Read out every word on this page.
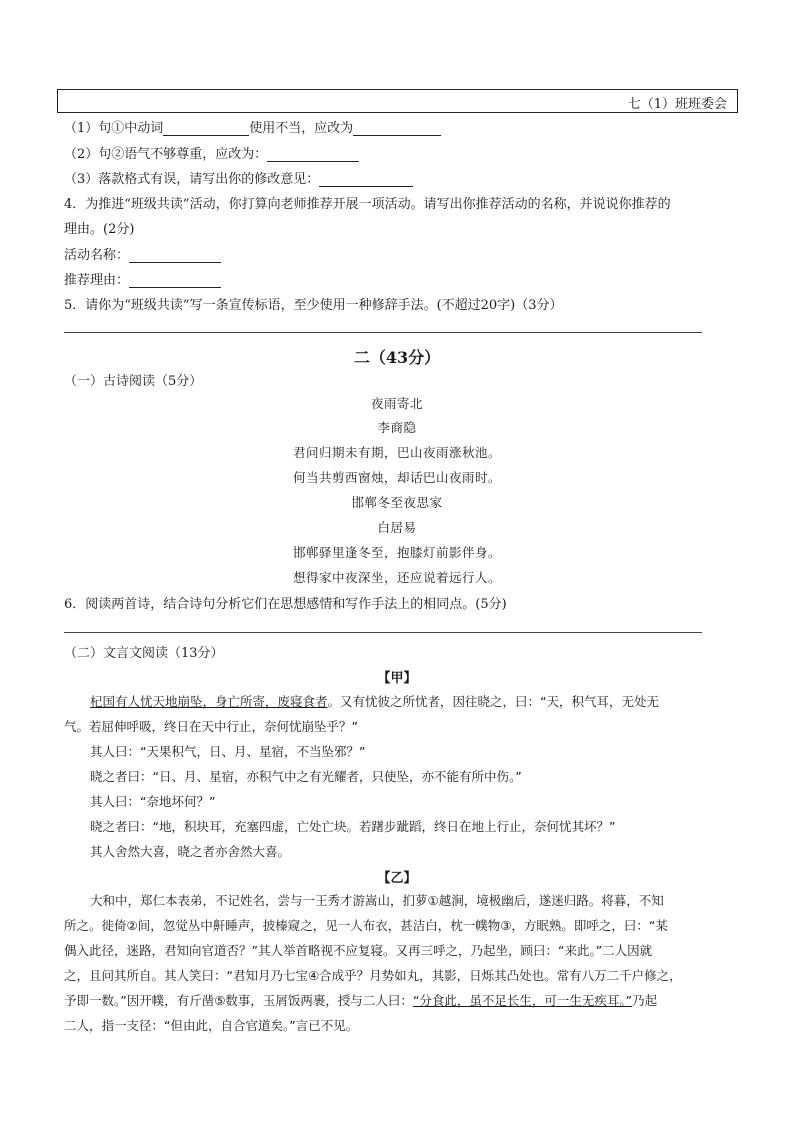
七（1）班班委会
（1）句①中动词	使用不当，应改为
（2）句②语气不够尊重，应改为：
（3）落款格式有误，请写出你的修改意见：
4．为推进“班级共读”活动，你打算向老师推荐开展一项活动。请写出你推荐活动的名称，并说说你推荐的
理由。(2分)
活动名称：
推荐理由：
5．请你为“班级共读”写一条宣传标语，至少使用一种修辞手法。(不超过20字)（3分）
二（43分）
（一）古诗阅读（5分）
夜雨寄北
李商隐
君问归期未有期，巴山夜雨涨秋池。
何当共剪西窗烛，却话巴山夜雨时。
邯郸冬至夜思家
白居易
邯郸驿里逢冬至，抱膝灯前影伴身。
想得家中夜深坐，还应说着远行人。
6．阅读两首诗，结合诗句分析它们在思想感情和写作手法上的相同点。(5分)
（二）文言文阅读（13分）
【甲】
杞国有人忧天地崩坠，身亡所寄，废寝食者。又有忧彼之所忧者，因往晓之，曰：“天，积气耳，无处无
气。若屈伸呼吸，终日在天中行止，奈何忧崩坠乎？”
其人曰：“天果积气，日、月、星宿，不当坠邪？”
晓之者曰：“日、月、星宿，亦积气中之有光耀者，只使坠，亦不能有所中伤。”
其人曰：“奈地坏何？”
晓之者曰：“地，积块耳，充塞四虚，亡处亡块。若躇步跐蹈，终日在地上行止，奈何忧其坏？”
其人舍然大喜，晓之者亦舍然大喜。
【乙】
大和中，郑仁本表弟，不记姓名，尝与一王秀才游嵩山，扪萝①越涧，境极幽后，遂迷归路。将暮，不知
所之。徙倚②间，忽觉丛中鼾睡声，披榛窥之，见一人布衣，甚洁白，枕一幞物③，方眠熟。即呼之，曰：“某
偶入此径，迷路，君知向官道否？”其人举首略视不应复寝。又再三呼之，乃起坐，顾曰：“来此。”二人因就
之，且问其所自。其人笑曰：“君知月乃七宝④合成乎？月势如丸，其影，日烁其凸处也。常有八万二千户修之，
予即一数。”因开幞，有斤凿⑤数事，玉屑饭两裹，授与二人曰：“分食此，虽不足长生，可一生无疾耳。”乃起
二人，指一支径：“但由此，自合官道矣。”言已不见。
